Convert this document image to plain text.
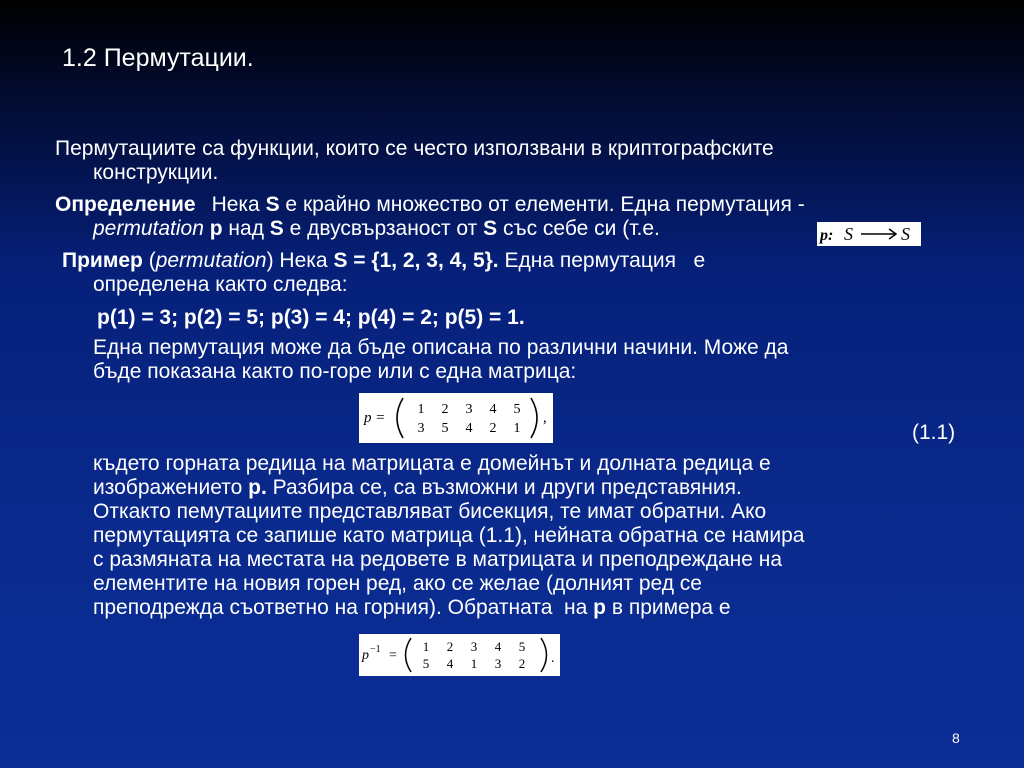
1.2 Пермутации.
Пермутациите са функции, които се често използвани в криптографските
конструкции.
Определение Нека S е крайно множество от елементи. Една пермутация -
permutation p над S е двусвързаност от S със себе си (т.е.	p: S	S
Пример (permutation) Нека S = {1, 2, 3, 4, 5}. Една пермутация   е
определена както следва:
p(1) = 3; p(2) = 5; p(3) = 4; p(4) = 2; p(5) = 1.
Една пермутация може да бъде описана по различни начини. Може да
бъде показана както по-горе или с една матрица:
p =
1 2 3 4 5
3 5 4 2 1
,
(1.1)
където горната редица на матрицата е домейнът и долната редица е
изображението p. Разбира се, са възможни и други представяния.
Откакто пемутациите представляват бисекция, те имат обратни. Ако
пермутацията се запише като матрица (1.1), нейната обратна се намира
с размяната на местата на редовете в матрицата и преподреждане на
елементите на новия горен ред, ако се желае (долният ред се
преподрежда съответно на горния). Обратната  на p в примера е
p −1 =
1 2 3 4 5
5 4 1 3 2 .
8
